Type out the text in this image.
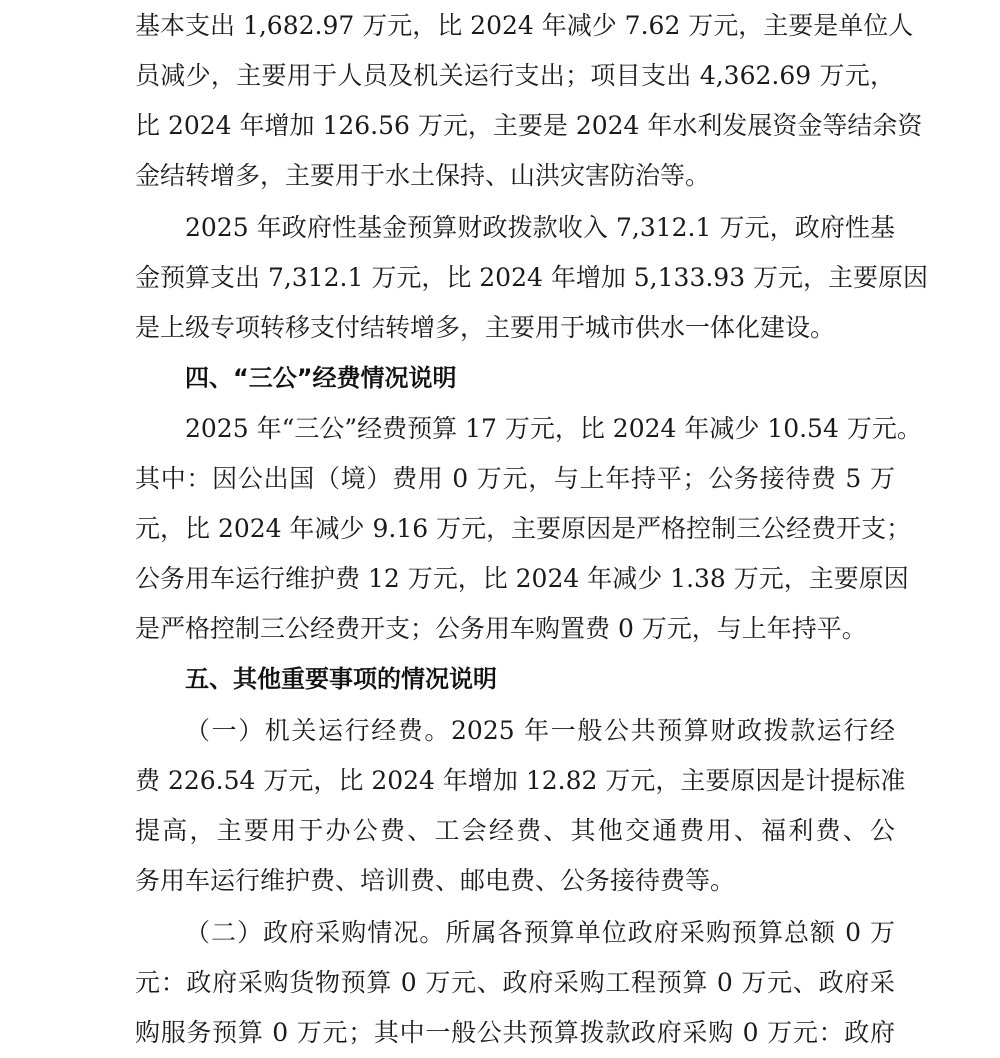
基本支出 1,682.97 万元，比 2024 年减少 7.62 万元，主要是单位人

员减少，主要用于人员及机关运行支出；项目支出 4,362.69 万元，

比 2024 年增加 126.56 万元，主要是 2024 年水利发展资金等结余资

金结转增多，主要用于水土保持、山洪灾害防治等。

2025 年政府性基金预算财政拨款收入 7,312.1 万元，政府性基

金预算支出 7,312.1 万元，比 2024 年增加 5,133.93 万元，主要原因

是上级专项转移支付结转增多，主要用于城市供水一体化建设。

四、“三公”经费情况说明

2025 年“三公”经费预算 17 万元，比 2024 年减少 10.54 万元。

其中：因公出国（境）费用 0 万元，与上年持平；公务接待费 5 万

元，比 2024 年减少 9.16 万元，主要原因是严格控制三公经费开支；

公务用车运行维护费 12 万元，比 2024 年减少 1.38 万元，主要原因

是严格控制三公经费开支；公务用车购置费 0 万元，与上年持平。

五、其他重要事项的情况说明

（一）机关运行经费。2025 年一般公共预算财政拨款运行经

费 226.54 万元，比 2024 年增加 12.82 万元，主要原因是计提标准

提高，主要用于办公费、工会经费、其他交通费用、福利费、公

务用车运行维护费、培训费、邮电费、公务接待费等。

（二）政府采购情况。所属各预算单位政府采购预算总额 0 万

元：政府采购货物预算 0 万元、政府采购工程预算 0 万元、政府采

购服务预算 0 万元；其中一般公共预算拨款政府采购 0 万元：政府
